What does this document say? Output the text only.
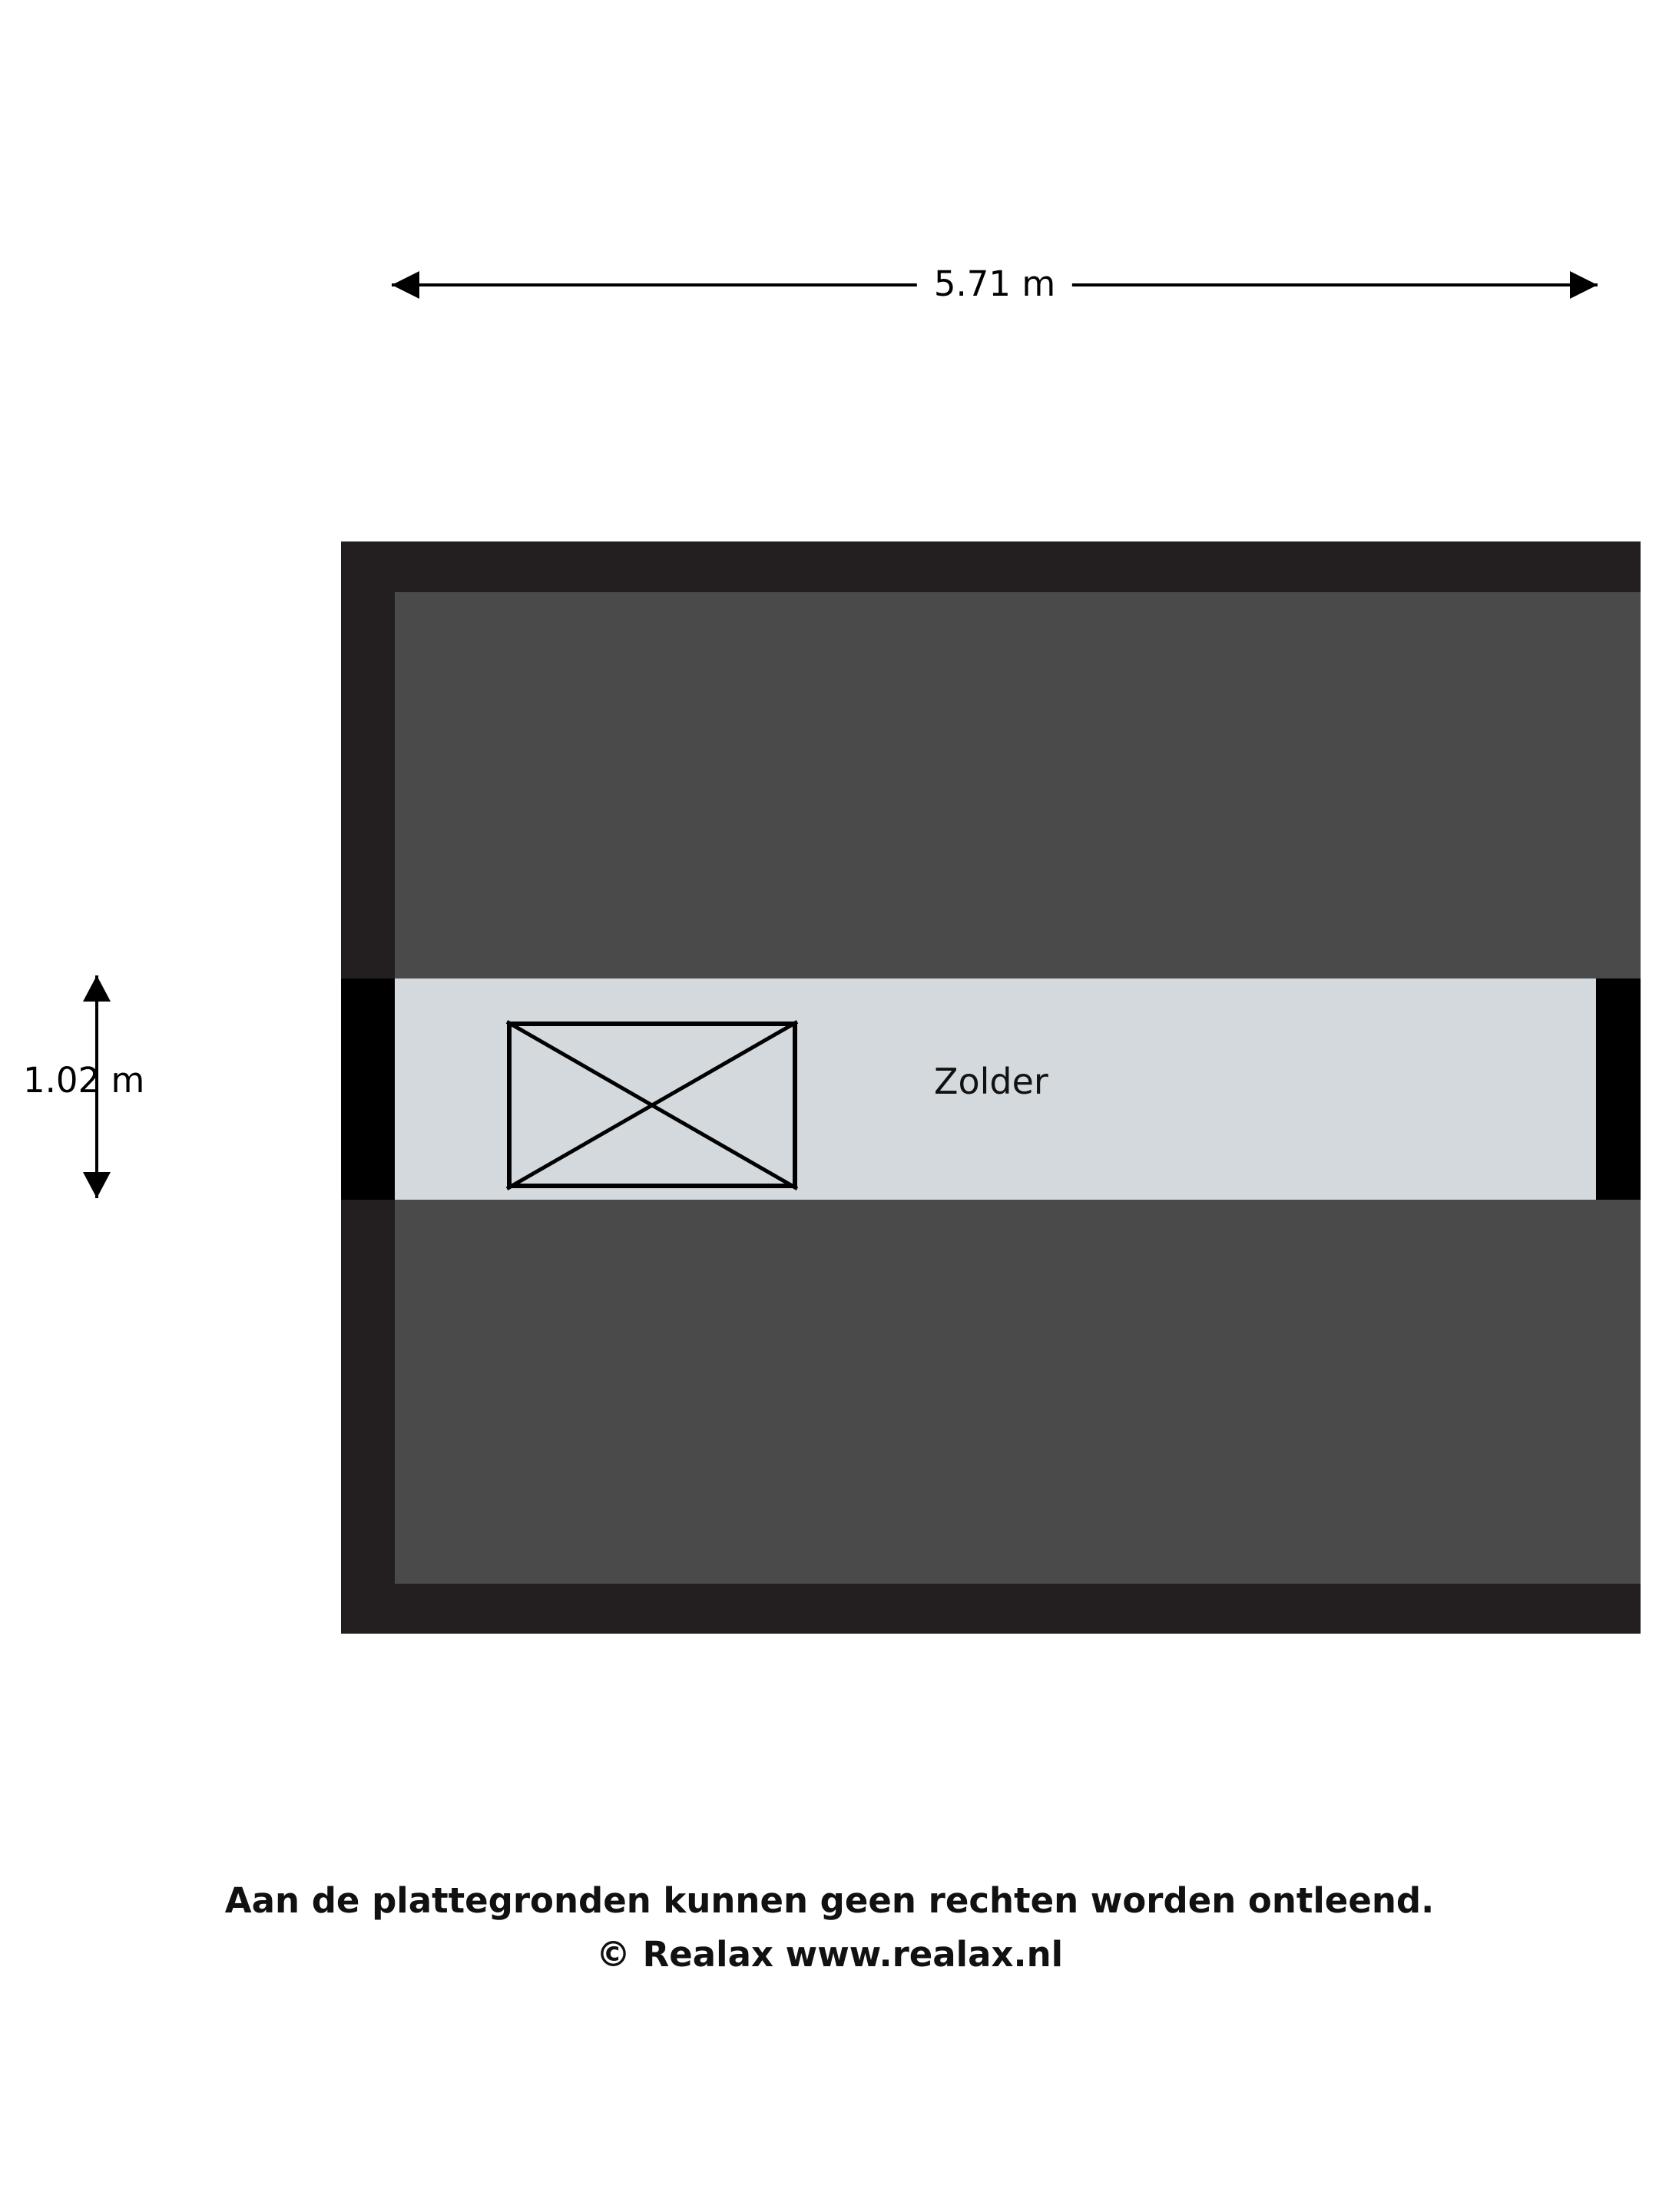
5.71 m
1.02 m	Zolder
Aan de plattegronden kunnen geen rechten worden ontleend.
© Realax www.realax.nl
